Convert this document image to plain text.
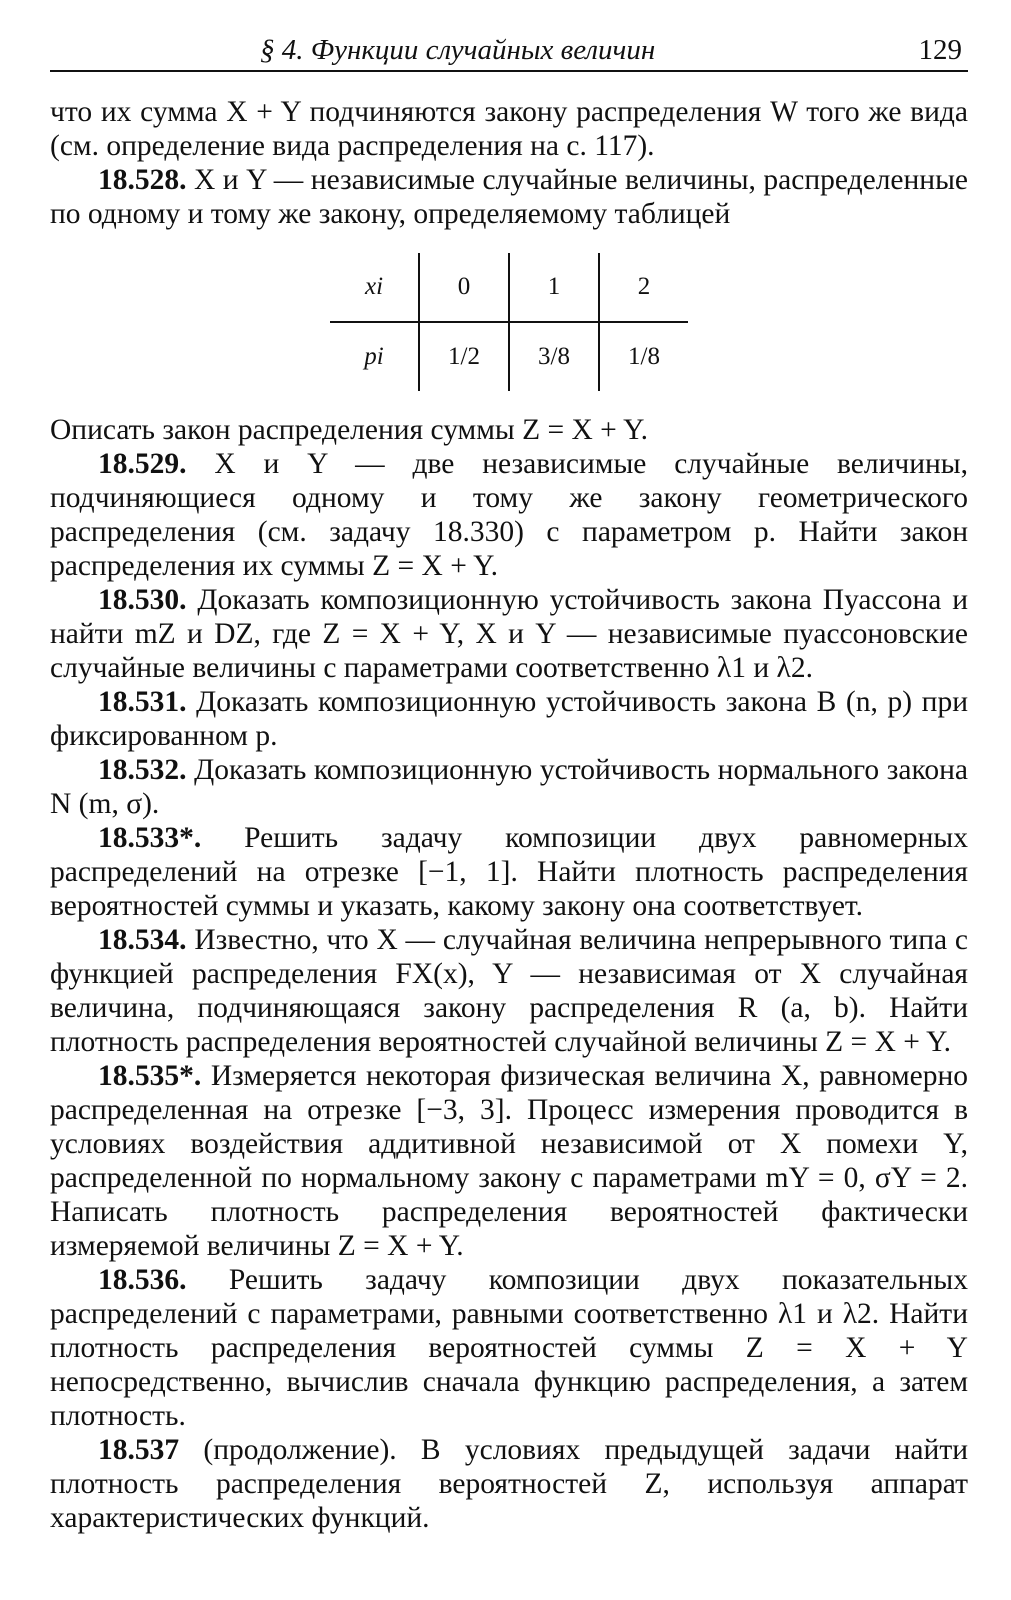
§ 4. Функции случайных величин	129

что их сумма X + Y подчиняются закону распределения W того же вида (см. определение вида распределения на с. 117).

18.528. X и Y — независимые случайные величины, распределенные по одному и тому же закону, определяемому таблицей

xi	0	1	2
pi	1/2	3/8	1/8

Описать закон распределения суммы Z = X + Y.

18.529. X и Y — две независимые случайные величины, подчиняющиеся одному и тому же закону геометрического распределения (см. задачу 18.330) с параметром p. Найти закон распределения их суммы Z = X + Y.

18.530. Доказать композиционную устойчивость закона Пуассона и найти mZ и DZ, где Z = X + Y, X и Y — независимые пуассоновские случайные величины с параметрами соответственно λ1 и λ2.

18.531. Доказать композиционную устойчивость закона B (n, p) при фиксированном p.

18.532. Доказать композиционную устойчивость нормального закона N (m, σ).

18.533*. Решить задачу композиции двух равномерных распределений на отрезке [−1, 1]. Найти плотность распределения вероятностей суммы и указать, какому закону она соответствует.

18.534. Известно, что X — случайная величина непрерывного типа с функцией распределения FX(x), Y — независимая от X случайная величина, подчиняющаяся закону распределения R (a, b). Найти плотность распределения вероятностей случайной величины Z = X + Y.

18.535*. Измеряется некоторая физическая величина X, равномерно распределенная на отрезке [−3, 3]. Процесс измерения проводится в условиях воздействия аддитивной независимой от X помехи Y, распределенной по нормальному закону с параметрами mY = 0, σY = 2. Написать плотность распределения вероятностей фактически измеряемой величины Z = X + Y.

18.536. Решить задачу композиции двух показательных распределений с параметрами, равными соответственно λ1 и λ2. Найти плотность распределения вероятностей суммы Z = X + Y непосредственно, вычислив сначала функцию распределения, а затем плотность.

18.537 (продолжение). В условиях предыдущей задачи найти плотность распределения вероятностей Z, используя аппарат характеристических функций.
